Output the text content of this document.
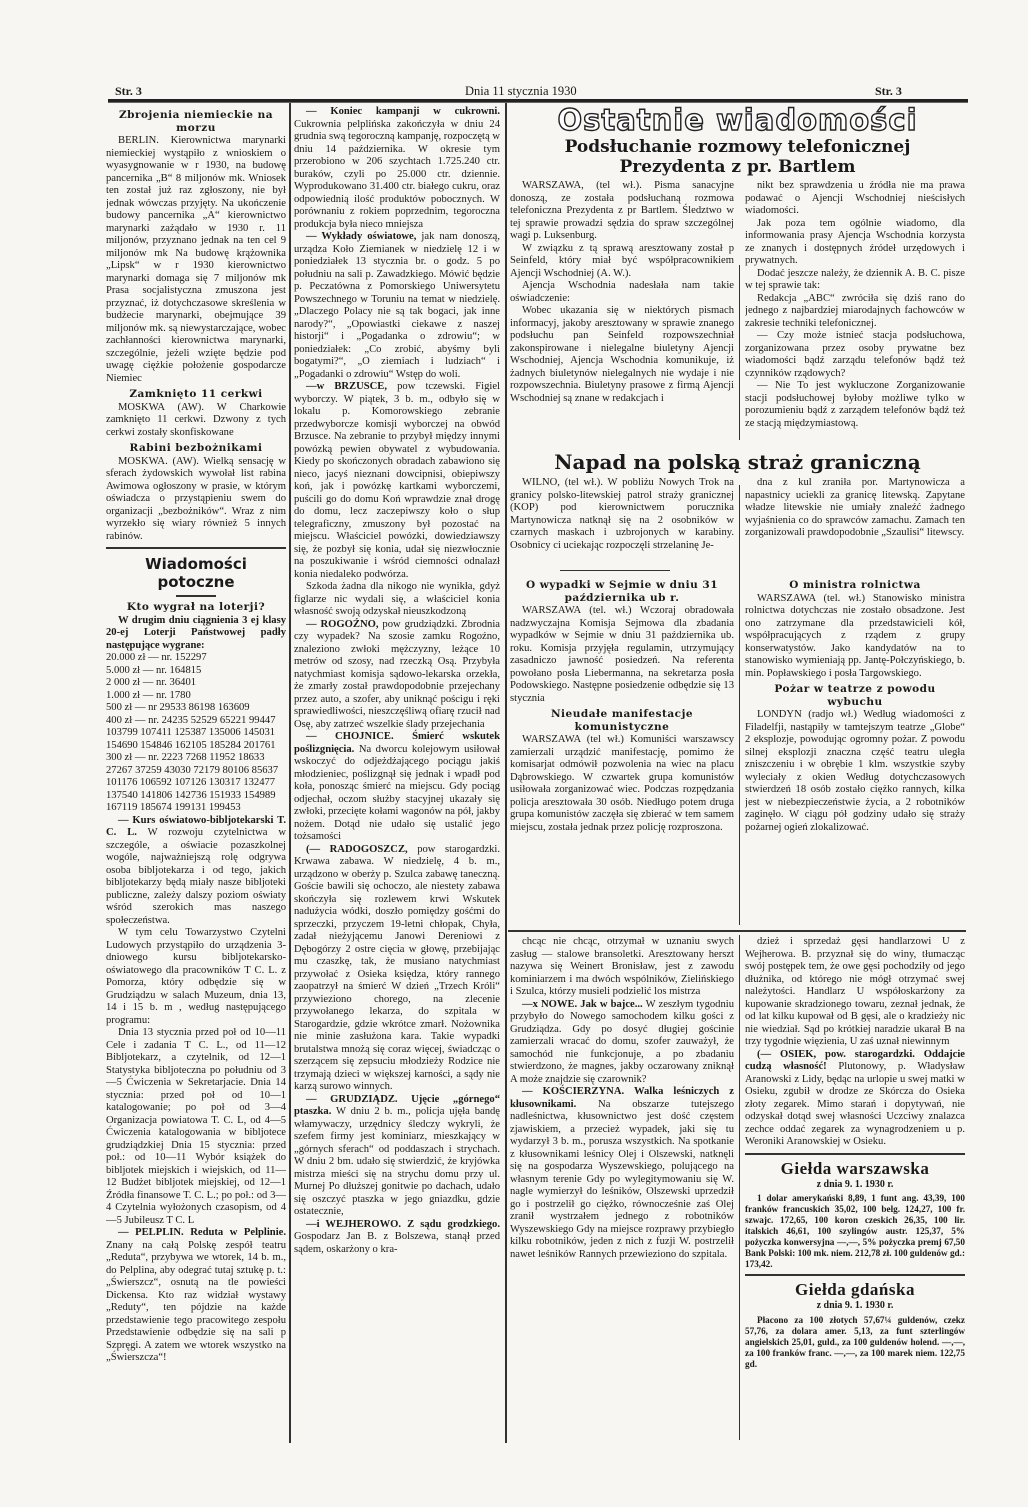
Str. 3	Dnia 11 stycznia 1930	Str. 3
Ostatnie wiadomości
Podsłuchanie rozmowy telefonicznej
Prezydenta z pr. Bartlem
Napad na polską straż graniczną
Zbrojenia niemieckie na morzu

BERLIN. Kierownictwa marynarki niemieckiej wystąpiło z wnioskiem o wyasygnowanie w r 1930, na budowę pancernika „B“ 8 miljonów mk. Wniosek ten został już raz zgłoszony, nie był jednak wówczas przyjęty. Na ukończenie budowy pancernika „A“ kierownictwo marynarki zażądało w 1930 r. 11 miljonów, przyznano jednak na ten cel 9 miljonów mk Na budowę krążownika „Lipsk“ w r 1930 kierownictwo marynarki domaga się 7 miljonów mk Prasa socjalistyczna zmuszona jest przyznać, iż dotychczasowe skreślenia w budżecie marynarki, obejmujące 39 miljonów mk. są niewystarczające, wobec zachłanności kierownictwa marynarki, szczególnie, jeżeli wzięte będzie pod uwagę ciężkie położenie gospodarcze Niemiec

Zamknięto 11 cerkwi

MOSKWA (AW). W Charkowie zamknięto 11 cerkwi. Dzwony z tych cerkwi zostały skonfiskowane

Rabini bezbożnikami

MOSKWA. (AW). Wielką sensację w sferach żydowskich wywołał list rabina Awimowa ogłoszony w prasie, w którym oświadcza o przystąpieniu swem do organizacji „bezbożników“. Wraz z nim wyrzekło się wiary również 5 innych rabinów.

Wiadomości potoczne
Kto wygrał na loterji?

W drugim dniu ciągnienia 3 ej klasy 20-ej Loterji Państwowej padły następujące wygrane:

20.000 zł — nr. 152297
5.000 zł — nr. 164815
2 000 zł — nr. 36401
1.000 zł — nr. 1780
500 zł — nr 29533 86198 163609
400 zł — nr. 24235 52529 65221 99447 103799 107411 125387 135006 145031 154690 154846 162105 185284 201761
300 zł — nr. 2223 7268 11952 18633 27267 37259 43030 72179 80106 85637 101176 106592 107126 130317 132477 137540 141806 142736 151933 154989 167119 185674 199131 199453

— Kurs oświatowo-bibljotekarski T. C. L. W rozwoju czytelnictwa w szczególe, a oświacie pozaszkolnej wogóle, najważniejszą rolę odgrywa osoba bibljotekarza i od tego, jakich bibljotekarzy będą miały nasze bibljoteki publiczne, zależy dalszy poziom oświaty wśród szerokich mas naszego społeczeństwa.

W tym celu Towarzystwo Czytelni Ludowych przystąpiło do urządzenia 3-dniowego kursu bibljotekarsko-oświatowego dla pracowników T C. L. z Pomorza, który odbędzie się w Grudziądzu w salach Muzeum, dnia 13, 14 i 15 b. m , według następującego programu:

Dnia 13 stycznia przed poł od 10—11 Cele i zadania T C. L., od 11—12 Bibljotekarz, a czytelnik, od 12—1 Statystyka bibljoteczna po południu od 3—5 Ćwiczenia w Sekretarjacie. Dnia 14 stycznia: przed poł od 10—1 katalogowanie; po poł od 3—4 Organizacja powiatowa T. C. L, od 4—5 Ćwiczenia katalogowania w bibljotece grudziądzkiej Dnia 15 stycznia: przed poł.: od 10—11 Wybór książek do bibljotek miejskich i wiejskich, od 11—12 Budżet bibljotek miejskiej, od 12—1 Źródła finansowe T. C. L.; po poł.: od 3—4 Czytelnia wyłożonych czasopism, od 4—5 Jubileusz T C. L

— PELPLIN. Reduta w Pelplinie. Znany na całą Polskę zespół teatru „Reduta“, przybywa we wtorek, 14 b. m., do Pelplina, aby odegrać tutaj sztukę p. t.: „Świerszcz“, osnutą na tle powieści Dickensa. Kto raz widział wystawy „Reduty“, ten pójdzie na każde przedstawienie tego pracowitego zespołu Przedstawienie odbędzie się na sali p Szpręgi. A zatem we wtorek wszystko na „Świerszcza“!

— Koniec kampanji w cukrowni. Cukrownia pelplińska zakończyła w dniu 24 grudnia swą tegoroczną kampanję, rozpoczętą w dniu 14 października. W okresie tym przerobiono w 206 szychtach 1.725.240 ctr. buraków, czyli po 25.000 ctr. dziennie. Wyprodukowano 31.400 ctr. białego cukru, oraz odpowiednią ilość produktów pobocznych. W porównaniu z rokiem poprzednim, tegoroczna produkcja była nieco mniejsza

— Wykłady oświatowe, jak nam donoszą, urządza Koło Ziemianek w niedzielę 12 i w poniedziałek 13 stycznia br. o godz. 5 po południu na sali p. Zawadzkiego. Mówić będzie p. Peczatówna z Pomorskiego Uniwersytetu Powszechnego w Toruniu na temat w niedzielę. „Dlaczego Polacy nie są tak bogaci, jak inne narody?“, „Opowiastki ciekawe z naszej historji“ i „Pogadanka o zdrowiu“; w poniedziałek: „Co zrobić, abyśmy byli bogatymi?“, „O ziemiach i ludziach“ i „Pogadanki o zdrowiu“ Wstęp do woli.

—w BRZUSCE, pow tczewski. Figiel wyborczy. W piątek, 3 b. m., odbyło się w lokalu p. Komorowskiego zebranie przedwyborcze komisji wyborczej na obwód Brzusce. Na zebranie to przybył między innymi powózką pewien obywatel z wybudowania. Kiedy po skończonych obradach zabawiono się nieco, jacyś nieznani dowcipnisi, obiepiwszy koń, jak i powózkę kartkami wyborczemi, puścili go do domu Koń wprawdzie znał drogę do domu, lecz zaczepiwszy koło o słup telegraficzny, zmuszony był pozostać na miejscu. Właściciel powózki, dowiedziawszy się, że pozbył się konia, udał się niezwłocznie na poszukiwanie i wśród ciemności odnalazł konia niedaleko podwórza.

Szkoda żadna dla nikogo nie wynikła, gdyż figlarze nic wydali się, a właściciel konia własność swoją odzyskał nieuszkodzoną

— ROGOŹNO, pow grudziądzki. Zbrodnia czy wypadek? Na szosie zamku Rogoźno, znaleziono zwłoki mężczyzny, leżące 10 metrów od szosy, nad rzeczką Osą. Przybyła natychmiast komisja sądowo-lekarska orzekła, że zmarły został prawdopodobnie przejechany przez auto, a szofer, aby uniknąć pościgu i ręki sprawiedliwości, nieszczęśliwą ofiarę rzucił nad Osę, aby zatrzeć wszelkie ślady przejechania

— CHOJNICE. Śmierć wskutek poślizgnięcia. Na dworcu kolejowym usiłował wskoczyć do odjeżdżającego pociągu jakiś młodzieniec, poślizgnął się jednak i wpadł pod koła, ponosząc śmierć na miejscu. Gdy pociąg odjechał, oczom służby stacyjnej ukazały się zwłoki, przecięte kołami wagonów na pół, jakby nożem. Dotąd nie udało się ustalić jego tożsamości

(— RADOGOSZCZ, pow starogardzki. Krwawa zabawa. W niedzielę, 4 b. m., urządzono w oberży p. Szulca zabawę taneczną. Goście bawili się ochoczo, ale niestety zabawa skończyła się rozlewem krwi Wskutek nadużycia wódki, doszło pomiędzy gośćmi do sprzeczki, przyczem 19-letni chłopak, Chyła, zadał nieżyjącemu Janowi Dereniowi z Dębogórzy 2 ostre cięcia w głowę, przebijając mu czaszkę, tak, że musiano natychmiast przywołać z Osieka księdza, który rannego zaopatrzył na śmierć W dzień „Trzech Króli“ przywieziono chorego, na zlecenie przywołanego lekarza, do szpitala w Starogardzie, gdzie wkrótce zmarł. Nożownika nie minie zasłużona kara. Takie wypadki brutalstwa mnożą się coraz więcej, świadcząc o szerzącem się zepsuciu młodzieży Rodzice nie trzymają dzieci w większej karności, a sądy nie karzą surowo winnych.

— GRUDZIĄDZ. Ujęcie „górnego“ ptaszka. W dniu 2 b. m., policja ujęła bandę włamywaczy, urzędnicy śledczy wykryli, że szefem firmy jest kominiarz, mieszkający w „górnych sferach“ od poddaszach i strychach. W dniu 2 bm. udało się stwierdzić, że kryjówka mistrza mieści się na strychu domu przy ul. Murnej Po dłuższej gonitwie po dachach, udało się oszczyć ptaszka w jego gniazdku, gdzie ostatecznie,

—i WEJHEROWO. Z sądu grodzkiego. Gospodarz Jan B. z Bolszewa, stanął przed sądem, oskarżony o kra-

WARSZAWA, (tel wł.). Pisma sanacyjne donoszą, ze została podsłuchaną rozmowa telefoniczna Prezydenta z pr Bartlem. Śledztwo w tej sprawie prowadzi sędzia do spraw szczególnej wagi p. Luksenburg.

W związku z tą sprawą aresztowany został p Seinfeld, który miał być współpracownikiem Ajencji Wschodniej (A. W.).

Ajencja Wschodnia nadesłała nam takie oświadczenie:

Wobec ukazania się w niektórych pismach informacyj, jakoby aresztowany w sprawie znanego podsłuchu pan Seinfeld rozpowszechniał zakonspirowane i nielegalne biuletyny Ajencji Wschodniej, Ajencja Wschodnia komunikuje, iż żadnych biuletynów nielegalnych nie wydaje i nie rozpowszechnia. Biuletyny prasowe z firmą Ajencji Wschodniej są znane w redakcjach i

nikt bez sprawdzenia u źródła nie ma prawa podawać o Ajencji Wschodniej nieścisłych wiadomości.

Jak poza tem ogólnie wiadomo, dla informowania prasy Ajencja Wschodnia korzysta ze znanych i dostępnych źródeł urzędowych i prywatnych.

Dodać jeszcze należy, że dziennik A. B. C. pisze w tej sprawie tak:

Redakcja „ABC“ zwróciła się dziś rano do jednego z najbardziej miarodajnych fachowców w zakresie techniki telefonicznej.

— Czy może istnieć stacja podsłuchowa, zorganizowana przez osoby prywatne bez wiadomości bądź zarządu telefonów bądź też czynników rządowych?

— Nie To jest wykluczone Zorganizowanie stacji podsłuchowej byłoby możliwe tylko w porozumieniu bądź z zarządem telefonów bądź też ze stacją międzymiastową.

WILNO, (tel wł.). W pobliżu Nowych Trok na granicy polsko-litewskiej patrol straży granicznej (KOP) pod kierownictwem porucznika Martynowicza natknął się na 2 osobników w czarnych maskach i uzbrojonych w karabiny. Osobnicy ci uciekając rozpoczęli strzelaninę Je-

dna z kul zraniła por. Martynowicza a napastnicy uciekli za granicę litewską. Zapytane władze litewskie nie umiały znaleźć żadnego wyjaśnienia co do sprawców zamachu. Zamach ten zorganizowali prawdopodobnie „Szaulisi“ litewscy.

O wypadki w Sejmie w dniu 31 października ub r.

WARSZAWA (tel. wł.) Wczoraj obradowała nadzwyczajna Komisja Sejmowa dla zbadania wypadków w Sejmie w dniu 31 października ub. roku. Komisja przyjęła regulamin, utrzymujący zasadniczo jawność posiedzeń. Na referenta powołano posła Liebermanna, na sekretarza posła Podowskiego. Następne posiedzenie odbędzie się 13 stycznia

Nieudałe manifestacje komunistyczne

WARSZAWA (tel wł.) Komuniści warszawscy zamierzali urządzić manifestację, pomimo że komisarjat odmówił pozwolenia na wiec na placu Dąbrowskiego. W czwartek grupa komunistów usiłowała zorganizować wiec. Podczas rozpędzania policja aresztowała 30 osób. Niedługo potem druga grupa komunistów zaczęła się zbierać w tem samem miejscu, została jednak przez policję rozproszona.

O ministra rolnictwa

WARSZAWA (tel. wł.) Stanowisko ministra rolnictwa dotychczas nie zostało obsadzone. Jest ono zatrzymane dla przedstawicieli kół, współpracujących z rządem z grupy konserwatystów. Jako kandydatów na to stanowisko wymieniają pp. Jantę-Połczyńskiego, b. min. Popławskiego i posła Targowskiego.

Pożar w teatrze z powodu wybuchu

LONDYN (radjo wł.) Według wiadomości z Filadelfji, nastąpiły w tamtejszym teatrze „Globe“ 2 eksplozje, powodując ogromny pożar. Z powodu silnej eksplozji znaczna część teatru uległa zniszczeniu i w obrębie 1 klm. wszystkie szyby wyleciały z okien Według dotychczasowych stwierdzeń 18 osób zostało ciężko rannych, kilka jest w niebezpieczeństwie życia, a 2 robotników zaginęło. W ciągu pół godziny udało się straży pożarnej ogień zlokalizować.

chcąc nie chcąc, otrzymał w uznaniu swych zasług — stalowe bransoletki. Aresztowany herszt nazywa się Weinert Bronisław, jest z zawodu kominiarzem i ma dwóch wspólników, Zielińskiego i Szulca, którzy musieli podzielić los mistrza

—x NOWE. Jak w bajce... W zeszłym tygodniu przybyło do Nowego samochodem kilku gości z Grudziądza. Gdy po dosyć długiej gościnie zamierzali wracać do domu, szofer zauważył, że samochód nie funkcjonuje, a po zbadaniu stwierdzono, że magnes, jakby oczarowany zniknął A może znajdzie się czarownik?

— KOŚCIERZYNA. Walka leśniczych z kłusownikami. Na obszarze tutejszego nadleśnictwa, kłusownictwo jest dość częstem zjawiskiem, a przecież wypadek, jaki się tu wydarzył 3 b. m., porusza wszystkich. Na spotkanie z kłusownikami leśnicy Olej i Olszewski, natknęli się na gospodarza Wyszewskiego, polującego na własnym terenie Gdy po wylegitymowaniu się W. nagle wymierzył do leśników, Olszewski uprzedził go i postrzelił go ciężko, równocześnie zaś Olej zranił wystrzałem jednego z robotników Wyszewskiego Gdy na miejsce rozprawy przybiegło kilku robotników, jeden z nich z fuzji W. postrzelił nawet leśników Rannych przewieziono do szpitala.

dzież i sprzedaż gęsi handlarzowi U z Wejherowa. B. przyznał się do winy, tłumacząc swój postępek tem, że owe gęsi pochodziły od jego dłużnika, od którego nie mógł otrzymać swej należytości. Handlarz U współoskarżony za kupowanie skradzionego towaru, zeznał jednak, że od lat kilku kupował od B gęsi, ale o kradzieży nic nie wiedział. Sąd po krótkiej naradzie ukarał B na trzy tygodnie więzienia, U zaś uznał niewinnym

(— OSIEK, pow. starogardzki. Oddajcie cudzą własność! Plutonowy, p. Władysław Aranowski z Lidy, będąc na urlopie u swej matki w Osieku, zgubił w drodze ze Skórcza do Osieka złoty zegarek. Mimo starań i dopytywań, nie odzyskał dotąd swej własności Uczciwy znalazca zechce oddać zegarek za wynagrodzeniem u p. Weroniki Aranowskiej w Osieku.

Giełda warszawska
z dnia 9. 1. 1930 r.

1 dolar amerykański 8,89, 1 funt ang. 43,39, 100 franków francuskich 35,02, 100 belg. 124,27, 100 fr. szwajc. 172,65, 100 koron czeskich 26,35, 100 lir. italskich 46,61, 100 szylingów austr. 125,37, 5% pożyczka konwersyjna —,—, 5% pożyczka premj 67,50 Bank Polski: 100 mk. niem. 212,78 zł. 100 guldenów gd.: 173,42.

Giełda gdańska
z dnia 9. 1. 1930 r.

Płacono za 100 złotych 57,67¼ guldenów, czekz 57,76, za dolara amer. 5,13, za funt szterlingów angielskich 25,01, guld., za 100 guldenów holend. —,—, za 100 franków franc. —,—, za 100 marek niem. 122,75 gd.
